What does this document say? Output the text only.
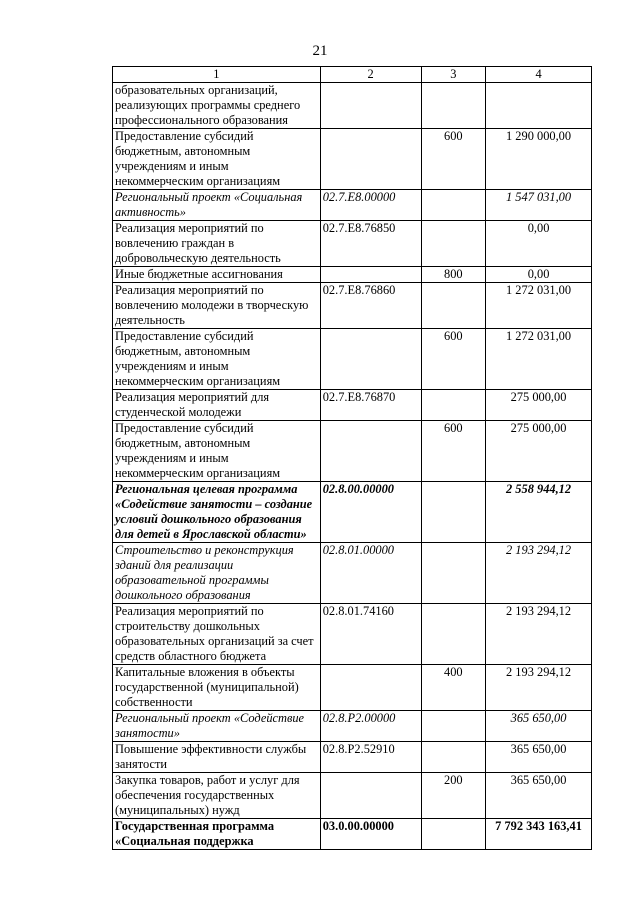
21
1	2	3	4
образовательных организаций, реализующих программы среднего профессионального образования			
Предоставление субсидий бюджетным, автономным учреждениям и иным некоммерческим организациям		600	1 290 000,00
Региональный проект «Социальная активность»	02.7.Е8.00000		1 547 031,00
Реализация мероприятий по вовлечению граждан в добровольческую деятельность	02.7.Е8.76850		0,00
Иные бюджетные ассигнования		800	0,00
Реализация мероприятий по вовлечению молодежи в творческую деятельность	02.7.Е8.76860		1 272 031,00
Предоставление субсидий бюджетным, автономным учреждениям и иным некоммерческим организациям		600	1 272 031,00
Реализация мероприятий для студенческой молодежи	02.7.Е8.76870		275 000,00
Предоставление субсидий бюджетным, автономным учреждениям и иным некоммерческим организациям		600	275 000,00
Региональная целевая программа «Содействие занятости – создание условий дошкольного образования для детей в Ярославской области»	02.8.00.00000		2 558 944,12
Строительство и реконструкция зданий для реализации образовательной программы дошкольного образования	02.8.01.00000		2 193 294,12
Реализация мероприятий по строительству дошкольных образовательных организаций за счет средств областного бюджета	02.8.01.74160		2 193 294,12
Капитальные вложения в объекты государственной (муниципальной) собственности		400	2 193 294,12
Региональный проект «Содействие занятости»	02.8.Р2.00000		365 650,00
Повышение эффективности службы занятости	02.8.Р2.52910		365 650,00
Закупка товаров, работ и услуг для обеспечения государственных (муниципальных) нужд		200	365 650,00
Государственная программа «Социальная поддержка	03.0.00.00000		7 792 343 163,41
